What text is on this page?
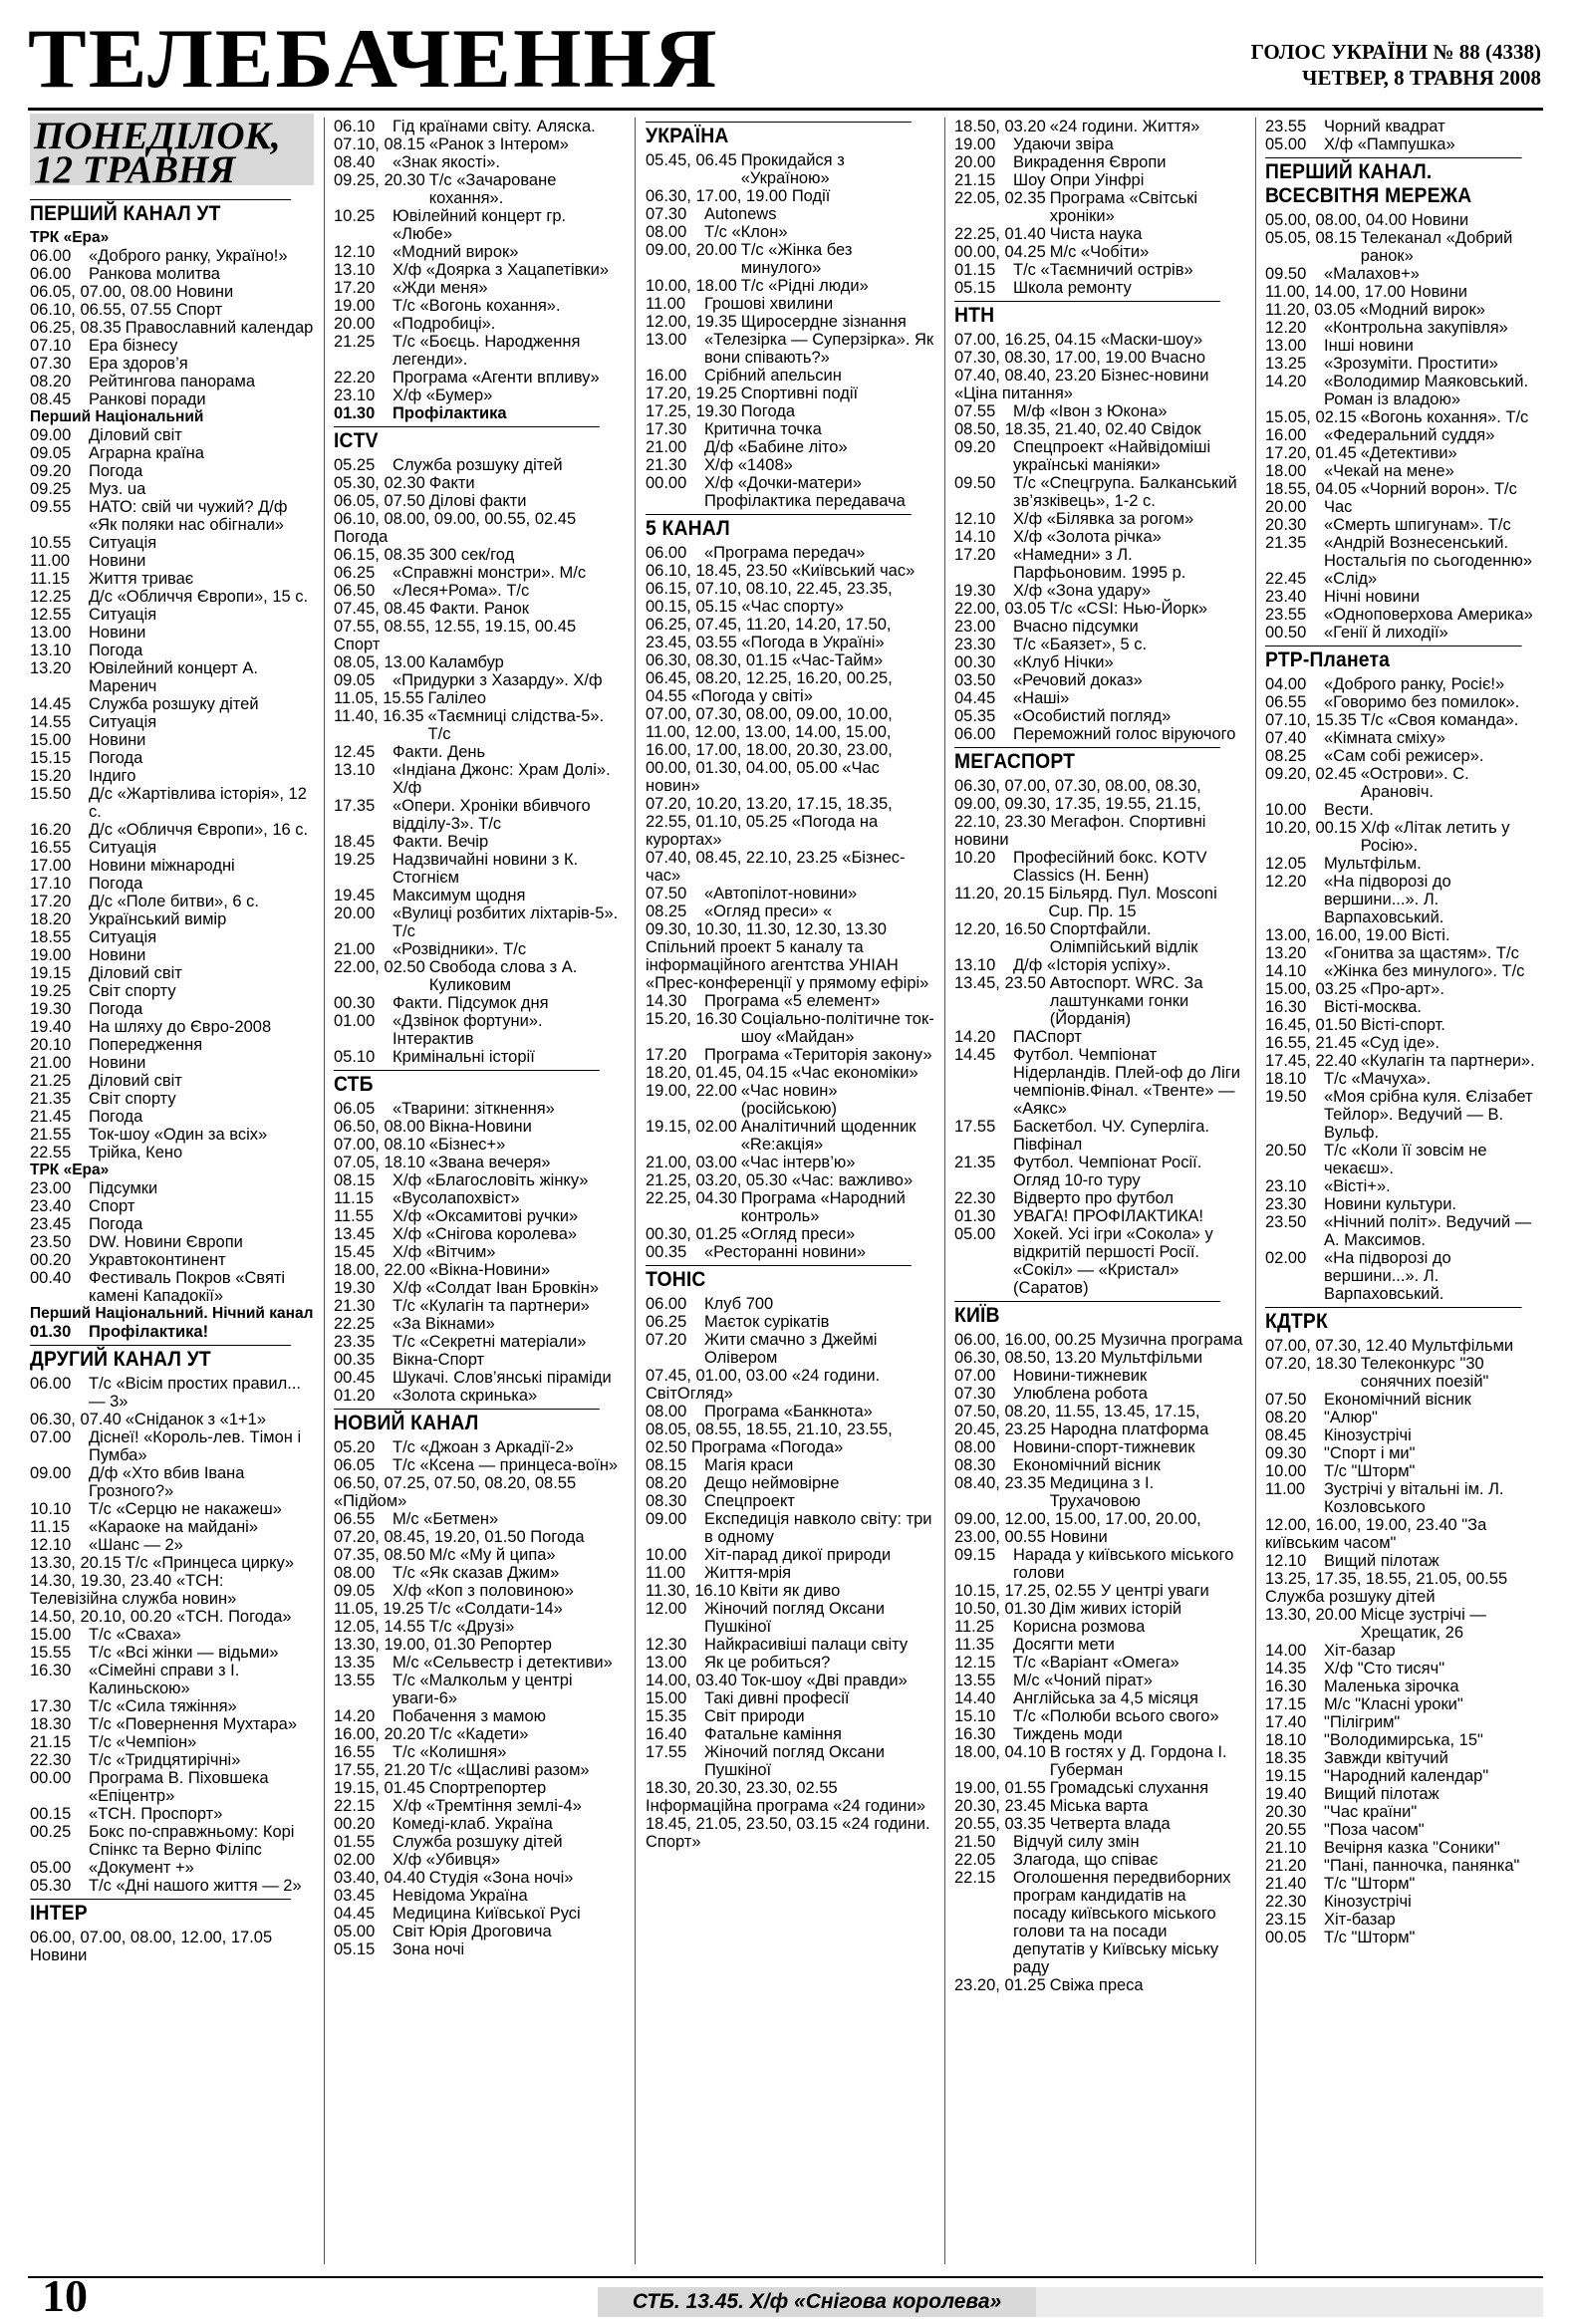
ТЕЛЕБАЧЕННЯ	ГОЛОС УКРАЇНИ № 88 (4338)
ЧЕТВЕР, 8 ТРАВНЯ 2008
ПОНЕДІЛОК,
12 ТРАВНЯ
ПЕРШИЙ КАНАЛ УТ
ТРК «Ера»
06.00	«Доброго ранку, Україно!»
06.00	Ранкова молитва
06.05, 07.00, 08.00 Новини
06.10, 06.55, 07.55 Спорт
06.25, 08.35 Православний календар
07.10	Ера бізнесу
07.30	Ера здоров’я
08.20	Рейтингова панорама
08.45	Ранкові поради
Перший Національний
09.00	Діловий світ
09.05	Аграрна країна
09.20	Погода
09.25	Муз. ua
09.55	НАТО: свій чи чужий? Д/ф «Як поляки нас обігнали»
10.55	Ситуація
11.00	Новини
11.15	Життя триває
12.25	Д/с «Обличчя Європи», 15 с.
12.55	Ситуація
13.00	Новини
13.10	Погода
13.20	Ювілейний концерт А. Маренич
14.45	Служба розшуку дітей
14.55	Ситуація
15.00	Новини
15.15	Погода
15.20	Індиго
15.50	Д/с «Жартівлива історія», 12 с.
16.20	Д/с «Обличчя Європи», 16 с.
16.55	Ситуація
17.00	Новини міжнародні
17.10	Погода
17.20	Д/с «Поле битви», 6 с.
18.20	Український вимір
18.55	Ситуація
19.00	Новини
19.15	Діловий світ
19.25	Світ спорту
19.30	Погода
19.40	На шляху до Євро-2008
20.10	Попередження
21.00	Новини
21.25	Діловий світ
21.35	Світ спорту
21.45	Погода
21.55	Ток-шоу «Один за всіх»
22.55	Трійка, Кено
ТРК «Ера»
23.00	Підсумки
23.40	Спорт
23.45	Погода
23.50	DW. Новини Європи
00.20	Укравтоконтинент
00.40	Фестиваль Покров «Святі камені Кападокії»
Перший Національний. Нічний канал
01.30	Профілактика!
ДРУГИЙ КАНАЛ УТ
06.00	Т/с «Вісім простих правил... — 3»
06.30, 07.40 «Сніданок з «1+1»
07.00	Діснеї! «Король-лев. Тімон і Пумба»
09.00	Д/ф «Хто вбив Івана Грозного?»
10.10	Т/с «Серцю не накажеш»
11.15	«Караоке на майдані»
12.10	«Шанс — 2»
13.30, 20.15 Т/с «Принцеса цирку»
14.30, 19.30, 23.40 «ТСН: Телевізійна служба новин»
14.50, 20.10, 00.20 «ТСН. Погода»
15.00	Т/с «Сваха»
15.55	Т/с «Всі жінки — відьми»
16.30	«Сімейні справи з І. Калиньскою»
17.30	Т/с «Сила тяжіння»
18.30	Т/с «Повернення Мухтара»
21.15	Т/с «Чемпіон»
22.30	Т/с «Тридцятирічні»
00.00	Програма В. Піховшека «Епіцентр»
00.15	«ТСН. Проспорт»
00.25	Бокс по-справжньому: Корі Спінкс та Верно Філіпс
05.00	«Документ +»
05.30	Т/с «Дні нашого життя — 2»
ІНТЕР
06.00, 07.00, 08.00, 12.00, 17.05 Новини
06.10	Гід країнами світу. Аляска.
07.10, 08.15 «Ранок з Інтером»
08.40	«Знак якості».
09.25, 20.30 Т/с «Зачароване кохання».
10.25	Ювілейний концерт гр. «Любе»
12.10	«Модний вирок»
13.10	Х/ф «Доярка з Хацапетівки»
17.20	«Жди меня»
19.00	Т/с «Вогонь кохання».
20.00	«Подробиці».
21.25	Т/с «Боєць. Народження легенди».
22.20	Програма «Агенти впливу»
23.10	Х/ф «Бумер»
01.30	Профілактика
ICTV
05.25	Служба розшуку дітей
05.30, 02.30 Факти
06.05, 07.50 Ділові факти
06.10, 08.00, 09.00, 00.55, 02.45 Погода
06.15, 08.35 300 сек/год
06.25	«Справжні монстри». М/с
06.50	«Леся+Рома». Т/с
07.45, 08.45 Факти. Ранок
07.55, 08.55, 12.55, 19.15, 00.45 Спорт
08.05, 13.00 Каламбур
09.05	«Придурки з Хазарду». Х/ф
11.05, 15.55 Галілео
11.40, 16.35 «Таємниці слідства-5». Т/с
12.45	Факти. День
13.10	«Індіана Джонс: Храм Долі». Х/ф
17.35	«Опери. Хроніки вбивчого відділу-3». Т/с
18.45	Факти. Вечір
19.25	Надзвичайні новини з К. Стогнієм
19.45	Максимум щодня
20.00	«Вулиці розбитих ліхтарів-5». Т/с
21.00	«Розвідники». Т/с
22.00, 02.50 Свобода слова з А. Куликовим
00.30	Факти. Підсумок дня
01.00	«Дзвінок фортуни». Інтерактив
05.10	Кримінальні історії
СТБ
06.05	«Тварини: зіткнення»
06.50, 08.00 Вікна-Новини
07.00, 08.10 «Бізнес+»
07.05, 18.10 «Звана вечеря»
08.15	Х/ф «Благословіть жінку»
11.15	«Вусолапохвіст»
11.55	Х/ф «Оксамитові ручки»
13.45	Х/ф «Снігова королева»
15.45	Х/ф «Вітчим»
18.00, 22.00 «Вікна-Новини»
19.30	Х/ф «Солдат Іван Бровкін»
21.30	Т/с «Кулагін та партнери»
22.25	«За Вікнами»
23.35	Т/с «Секретні матеріали»
00.35	Вікна-Спорт
00.45	Шукачі. Слов’янські піраміди
01.20	«Золота скринька»
НОВИЙ КАНАЛ
05.20	Т/с «Джоан з Аркадії-2»
06.05	Т/с «Ксена — принцеса-воїн»
06.50, 07.25, 07.50, 08.20, 08.55 «Підйом»
06.55	М/с «Бетмен»
07.20, 08.45, 19.20, 01.50 Погода
07.35, 08.50 М/с «Му й ципа»
08.00	Т/с «Як сказав Джим»
09.05	Х/ф «Коп з половиною»
11.05, 19.25 Т/с «Солдати-14»
12.05, 14.55 Т/с «Друзі»
13.30, 19.00, 01.30 Репортер
13.35	М/с «Сельвестр і детективи»
13.55	Т/с «Малкольм у центрі уваги-6»
14.20	Побачення з мамою
16.00, 20.20 Т/с «Кадети»
16.55	Т/с «Колишня»
17.55, 21.20 Т/с «Щасливі разом»
19.15, 01.45 Спортрепортер
22.15	Х/ф «Тремтіння землі-4»
00.20	Комеді-клаб. Україна
01.55	Служба розшуку дітей
02.00	Х/ф «Убивця»
03.40, 04.40 Студія «Зона ночі»
03.45	Невідома Україна
04.45	Медицина Київської Русі
05.00	Світ Юрія Дроговича
05.15	Зона ночі
УКРАЇНА
05.45, 06.45 Прокидайся з «Україною»
06.30, 17.00, 19.00 Події
07.30	Autonews
08.00	Т/с «Клон»
09.00, 20.00 Т/с «Жінка без минулого»
10.00, 18.00 Т/с «Рідні люди»
11.00	Грошові хвилини
12.00, 19.35 Щиросердне зізнання
13.00	«Телезірка — Суперзірка». Як вони співають?»
16.00	Срібний апельсин
17.20, 19.25 Спортивні події
17.25, 19.30 Погода
17.30	Критична точка
21.00	Д/ф «Бабине літо»
21.30	Х/ф «1408»
00.00	Х/ф «Дочки-матери» Профілактика передавача
5 КАНАЛ
06.00	«Програма передач»
06.10, 18.45, 23.50 «Київський час»
06.15, 07.10, 08.10, 22.45, 23.35, 00.15, 05.15 «Час спорту»
06.25, 07.45, 11.20, 14.20, 17.50, 23.45, 03.55 «Погода в Україні»
06.30, 08.30, 01.15 «Час-Тайм»
06.45, 08.20, 12.25, 16.20, 00.25, 04.55 «Погода у світі»
07.00, 07.30, 08.00, 09.00, 10.00, 11.00, 12.00, 13.00, 14.00, 15.00, 16.00, 17.00, 18.00, 20.30, 23.00, 00.00, 01.30, 04.00, 05.00 «Час новин»
07.20, 10.20, 13.20, 17.15, 18.35, 22.55, 01.10, 05.25 «Погода на курортах»
07.40, 08.45, 22.10, 23.25 «Бізнес-час»
07.50	«Автопілот-новини»
08.25	«Огляд преси» «
09.30, 10.30, 11.30, 12.30, 13.30 Спільний проект 5 каналу та інформаційного агентства УНІАН «Прес-конференції у прямому ефірі»
14.30	Програма «5 елемент»
15.20, 16.30 Соціально-політичне ток-шоу «Майдан»
17.20	Програма «Територія закону»
18.20, 01.45, 04.15 «Час економіки»
19.00, 22.00 «Час новин» (російською)
19.15, 02.00 Аналітичний щоденник «Re:акція»
21.00, 03.00 «Час інтерв’ю»
21.25, 03.20, 05.30 «Час: важливо»
22.25, 04.30 Програма «Народний контроль»
00.30, 01.25 «Огляд преси»
00.35	«Ресторанні новини»
ТОНІС
06.00	Клуб 700
06.25	Маєток сурікатів
07.20	Жити смачно з Джеймі Олівером
07.45, 01.00, 03.00 «24 години. СвітОгляд»
08.00	Програма «Банкнота»
08.05, 08.55, 18.55, 21.10, 23.55, 02.50 Програма «Погода»
08.15	Магія краси
08.20	Дещо неймовірне
08.30	Спецпроект
09.00	Експедиція навколо світу: три в одному
10.00	Хіт-парад дикої природи
11.00	Життя-мрія
11.30, 16.10 Квіти як диво
12.00	Жіночий погляд Оксани Пушкіної
12.30	Найкрасивіші палаци світу
13.00	Як це робиться?
14.00, 03.40 Ток-шоу «Дві правди»
15.00	Такі дивні професії
15.35	Світ природи
16.40	Фатальне каміння
17.55	Жіночий погляд Оксани Пушкіної
18.30, 20.30, 23.30, 02.55 Інформаційна програма «24 години»
18.45, 21.05, 23.50, 03.15 «24 години. Спорт»
18.50, 03.20 «24 години. Життя»
19.00	Удаючи звіра
20.00	Викрадення Європи
21.15	Шоу Опри Уінфрі
22.05, 02.35 Програма «Світські хроніки»
22.25, 01.40 Чиста наука
00.00, 04.25 М/с «Чобіти»
01.15	Т/с «Таємничий острів»
05.15	Школа ремонту
НТН
07.00, 16.25, 04.15 «Маски-шоу»
07.30, 08.30, 17.00, 19.00 Вчасно
07.40, 08.40, 23.20 Бізнес-новини «Ціна питання»
07.55	М/ф «Івон з Юкона»
08.50, 18.35, 21.40, 02.40 Свідок
09.20	Спецпроект «Найвідоміші українські маніяки»
09.50	Т/с «Спецгрупа. Балканський зв’язківець», 1-2 с.
12.10	Х/ф «Білявка за рогом»
14.10	Х/ф «Золота річка»
17.20	«Намедни» з Л. Парфьоновим. 1995 р.
19.30	Х/ф «Зона удару»
22.00, 03.05 Т/с «CSI: Нью-Йорк»
23.00	Вчасно підсумки
23.30	Т/с «Баязет», 5 с.
00.30	«Клуб Нічки»
03.50	«Речовий доказ»
04.45	«Наші»
05.35	«Особистий погляд»
06.00	Переможний голос віруючого
МЕГАСПОРТ
06.30, 07.00, 07.30, 08.00, 08.30, 09.00, 09.30, 17.35, 19.55, 21.15, 22.10, 23.30 Мегафон. Спортивні новини
10.20	Професійний бокс. KOTV Classics (Н. Бенн)
11.20, 20.15 Більярд. Пул. Mosconi Cup. Пр. 15
12.20, 16.50 Спортфайли. Олімпійський відлік
13.10	Д/ф «Історія успіху».
13.45, 23.50 Автоспорт. WRC. За лаштунками гонки (Йорданія)
14.20	ПАСпорт
14.45	Футбол. Чемпіонат Нідерландів. Плей-оф до Ліги чемпіонів.Фінал. «Твенте» — «Аякс»
17.55	Баскетбол. ЧУ. Суперліга. Півфінал
21.35	Футбол. Чемпіонат Росії. Огляд 10-го туру
22.30	Відверто про футбол
01.30	УВАГА! ПРОФІЛАКТИКА!
05.00	Хокей. Усі ігри «Сокола» у відкритій першості Росії. «Сокіл» — «Кристал» (Саратов)
КИЇВ
06.00, 16.00, 00.25 Музична програма
06.30, 08.50, 13.20 Мультфільми
07.00	Новини-тижневик
07.30	Улюблена робота
07.50, 08.20, 11.55, 13.45, 17.15, 20.45, 23.25 Народна платформа
08.00	Новини-спорт-тижневик
08.30	Економічний вісник
08.40, 23.35 Медицина з І. Трухачовою
09.00, 12.00, 15.00, 17.00, 20.00, 23.00, 00.55 Новини
09.15	Нарада у київського міського голови
10.15, 17.25, 02.55 У центрі уваги
10.50, 01.30 Дім живих історій
11.25	Корисна розмова
11.35	Досягти мети
12.15	Т/с «Варіант «Омега»
13.55	М/с «Чоний пірат»
14.40	Англійська за 4,5 місяця
15.10	Т/с «Полюби всього свого»
16.30	Тиждень моди
18.00, 04.10 В гостях у Д. Гордона І. Губерман
19.00, 01.55 Громадські слухання
20.30, 23.45 Міська варта
20.55, 03.35 Четверта влада
21.50	Відчуй силу змін
22.05	Злагода, що співає
22.15	Оголошення передвиборних програм кандидатів на посаду київського міського голови та на посади депутатів у Київську міську раду
23.20, 01.25 Свіжа преса
23.55	Чорний квадрат
05.00	Х/ф «Пампушка»
ПЕРШИЙ КАНАЛ. ВСЕСВІТНЯ МЕРЕЖА
05.00, 08.00, 04.00 Новини
05.05, 08.15 Телеканал «Добрий ранок»
09.50	«Малахов+»
11.00, 14.00, 17.00 Новини
11.20, 03.05 «Модний вирок»
12.20	«Контрольна закупівля»
13.00	Інші новини
13.25	«Зрозуміти. Простити»
14.20	«Володимир Маяковський. Роман із владою»
15.05, 02.15 «Вогонь кохання». Т/с
16.00	«Федеральний суддя»
17.20, 01.45 «Детективи»
18.00	«Чекай на мене»
18.55, 04.05 «Чорний ворон». Т/с
20.00	Час
20.30	«Смерть шпигунам». Т/с
21.35	«Андрій Вознесенський. Ностальгія по сьогоденню»
22.45	«Слід»
23.40	Нічні новини
23.55	«Одноповерхова Америка»
00.50	«Генії й лиходії»
РТР-Планета
04.00	«Доброго ранку, Росіє!»
06.55	«Говоримо без помилок».
07.10, 15.35 Т/с «Своя команда».
07.40	«Кімната сміху»
08.25	«Сам собі режисер».
09.20, 02.45 «Острови». С. Арановіч.
10.00	Вести.
10.20, 00.15 Х/ф «Літак летить у Росію».
12.05	Мультфільм.
12.20	«На підворозі до вершини...». Л. Варпаховський.
13.00, 16.00, 19.00 Вісті.
13.20	«Гонитва за щастям». Т/с
14.10	«Жінка без минулого». Т/с
15.00, 03.25 «Про-арт».
16.30	Вісті-москва.
16.45, 01.50 Вісті-спорт.
16.55, 21.45 «Суд іде».
17.45, 22.40 «Кулагін та партнери».
18.10	Т/с «Мачуха».
19.50	«Моя срібна куля. Єлізабет Тейлор». Ведучий — В. Вульф.
20.50	Т/с «Коли її зовсім не чекаєш».
23.10	«Вісті+».
23.30	Новини культури.
23.50	«Нічний політ». Ведучий — А. Максимов.
02.00	«На підворозі до вершини...». Л. Варпаховський.
КДТРК
07.00, 07.30, 12.40 Мультфільми
07.20, 18.30 Телеконкурс "30 сонячних поезій"
07.50	Економічний вісник
08.20	"Алюр"
08.45	Кінозустрічі
09.30	"Спорт і ми"
10.00	Т/с "Шторм"
11.00	Зустрічі у вітальні ім. Л. Козловського
12.00, 16.00, 19.00, 23.40 "За київським часом"
12.10	Вищий пілотаж
13.25, 17.35, 18.55, 21.05, 00.55 Служба розшуку дітей
13.30, 20.00 Місце зустрічі — Хрещатик, 26
14.00	Хіт-базар
14.35	Х/ф "Сто тисяч"
16.30	Маленька зірочка
17.15	М/с "Класні уроки"
17.40	"Пілігрим"
18.10	"Володимирська, 15"
18.35	Завжди квітучий
19.15	"Народний календар"
19.40	Вищий пілотаж
20.30	"Час країни"
20.55	"Поза часом"
21.10	Вечірня казка "Соники"
21.20	"Пані, панночка, панянка"
21.40	Т/с "Шторм"
22.30	Кінозустрічі
23.15	Хіт-базар
00.05	Т/с "Шторм"
10	СТБ. 13.45. Х/ф «Снігова королева»
